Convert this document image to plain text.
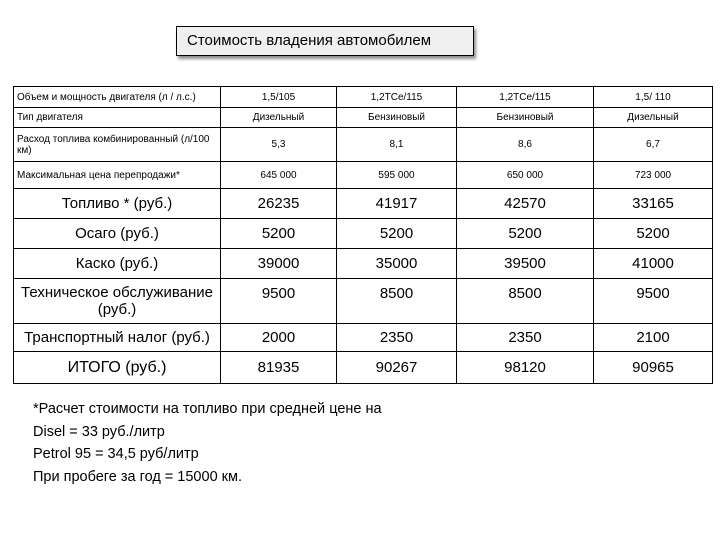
Стоимость владения автомобилем
Объем и мощность двигателя (л / л.с.)	1,5/105	1,2TCe/115	1,2TCe/115	1,5/ 110
Тип двигателя	Дизельный	Бензиновый	Бензиновый	Дизельный
Расход топлива комбинированный (л/100 км)	5,3	8,1	8,6	6,7
Максимальная цена перепродажи*	645 000	595 000	650 000	723 000
Топливо * (руб.)	26235	41917	42570	33165
Осаго (руб.)	5200	5200	5200	5200
Каско (руб.)	39000	35000	39500	41000
Техническое обслуживание (руб.)	9500	8500	8500	9500
Транспортный налог (руб.)	2000	2350	2350	2100
ИТОГО (руб.)	81935	90267	98120	90965
*Расчет стоимости на топливо при средней цене на
Disel = 33 руб./литр
Petrol 95 = 34,5 руб/литр
При пробеге за год = 15000 км.
